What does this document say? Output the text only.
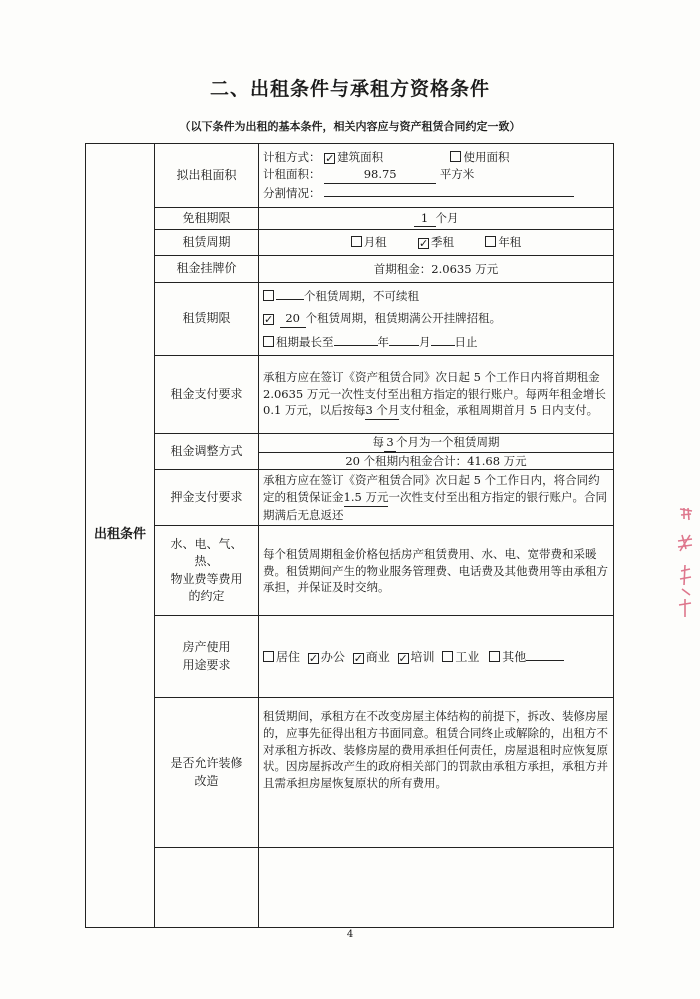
二、出租条件与承租方资格条件
（以下条件为出租的基本条件，相关内容应与资产租赁合同约定一致）
出租条件	拟出租面积	计租方式： ✓ 建筑面积 使用面积
计租面积： 98.75 平方米
分割情况：

	免租期限	1 个月
	租赁周期	月租 ✓ 季租 年租
	租金挂牌价	首期租金：2.0635 万元
	租赁期限	个租赁周期，不可续租
✓ 20 个租赁周期，租赁期满公开挂牌招租。
租期最长至 年 月 日止

	租金支付要求	承租方应在签订《资产租赁合同》次日起 5 个工作日内将首期租金 2.0635 万元一次性支付至出租方指定的银行账户。每两年租金增长 0.1 万元，以后按每3 个月支付租金，承租周期首月 5 日内支付。
	租金调整方式	每 3 个月为一个租赁周期
20 个租期内租金合计：41.68 万元

	押金支付要求	承租方应在签订《资产租赁合同》次日起 5 个工作日内，将合同约定的租赁保证金1.5 万元一次性支付至出租方指定的银行账户。合同期满后无息返还

	水、电、气、热、
物业费等费用
的约定	每个租赁周期租金价格包括房产租赁费用、水、电、宽带费和采暖费。租赁期间产生的物业服务管理费、电话费及其他费用等由承租方承担，并保证及时交纳。

	房产使用
用途要求	居住 ✓ 办公 ✓ 商业 ✓ 培训 工业 其他

	是否允许装修
改造	租赁期间，承租方在不改变房屋主体结构的前提下，拆改、装修房屋的，应事先征得出租方书面同意。租赁合同终止或解除的，出租方不对承租方拆改、装修房屋的费用承担任何责任，房屋退租时应恢复原状。因房屋拆改产生的政府相关部门的罚款由承租方承担，承租方并且需承担房屋恢复原状的所有费用。

4
